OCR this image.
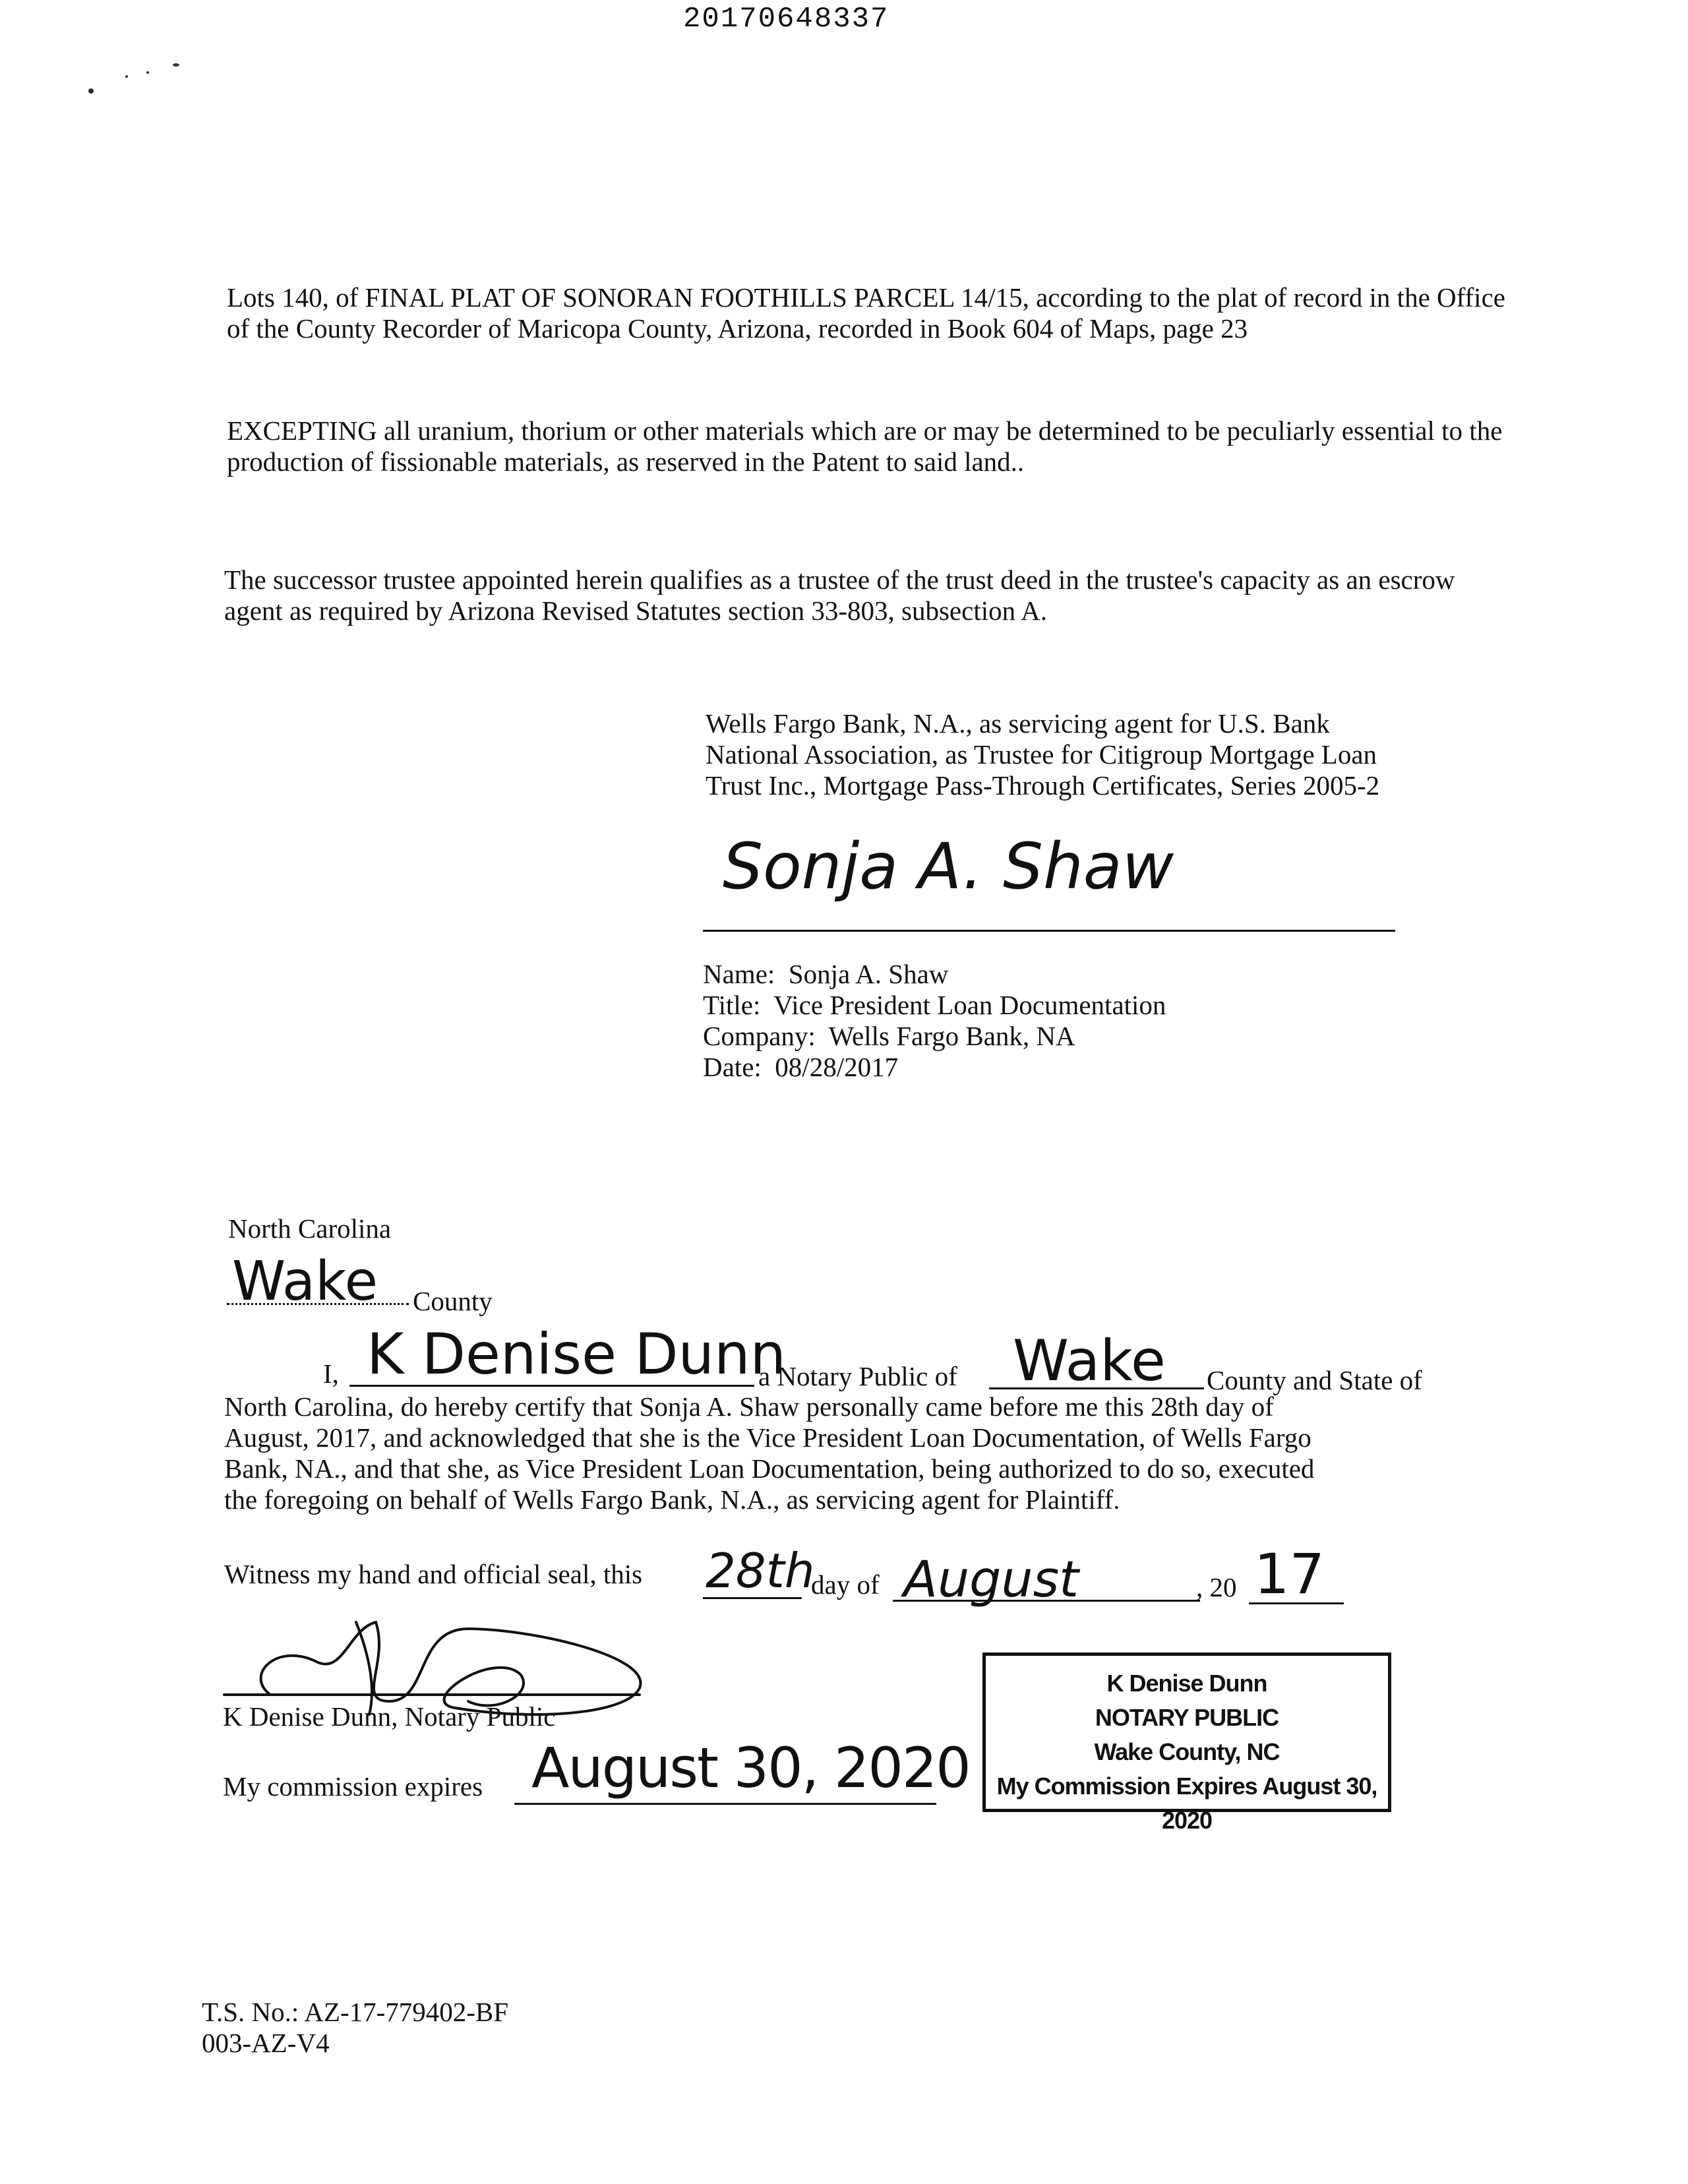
20170648337
Lots 140, of FINAL PLAT OF SONORAN FOOTHILLS PARCEL 14/15, according to the plat of record in the Office of the County Recorder of Maricopa County, Arizona, recorded in Book 604 of Maps, page 23
EXCEPTING all uranium, thorium or other materials which are or may be determined to be peculiarly essential to the production of fissionable materials, as reserved in the Patent to said land..
The successor trustee appointed herein qualifies as a trustee of the trust deed in the trustee's capacity as an escrow agent as required by Arizona Revised Statutes section 33-803, subsection A.
Wells Fargo Bank, N.A., as servicing agent for U.S. Bank
National Association, as Trustee for Citigroup Mortgage Loan
Trust Inc., Mortgage Pass-Through Certificates, Series 2005-2
Sonja A. Shaw
Name: Sonja A. Shaw
Title: Vice President Loan Documentation
Company: Wells Fargo Bank, NA
Date: 08/28/2017
North Carolina
Wake County
I, K Denise Dunn
a Notary Public of Wake County and State of
North Carolina, do hereby certify that Sonja A. Shaw personally came before me this 28th day of
August, 2017, and acknowledged that she is the Vice President Loan Documentation, of Wells Fargo
Bank, NA., and that she, as Vice President Loan Documentation, being authorized to do so, executed
the foregoing on behalf of Wells Fargo Bank, N.A., as servicing agent for Plaintiff.
Witness my hand and official seal, this 28th
day of August	, 20 17
K Denise Dunn, Notary Public
My commission expires August 30, 2020
K Denise Dunn
NOTARY PUBLIC
Wake County, NC
My Commission Expires August 30, 2020
T.S. No.: AZ-17-779402-BF
003-AZ-V4
